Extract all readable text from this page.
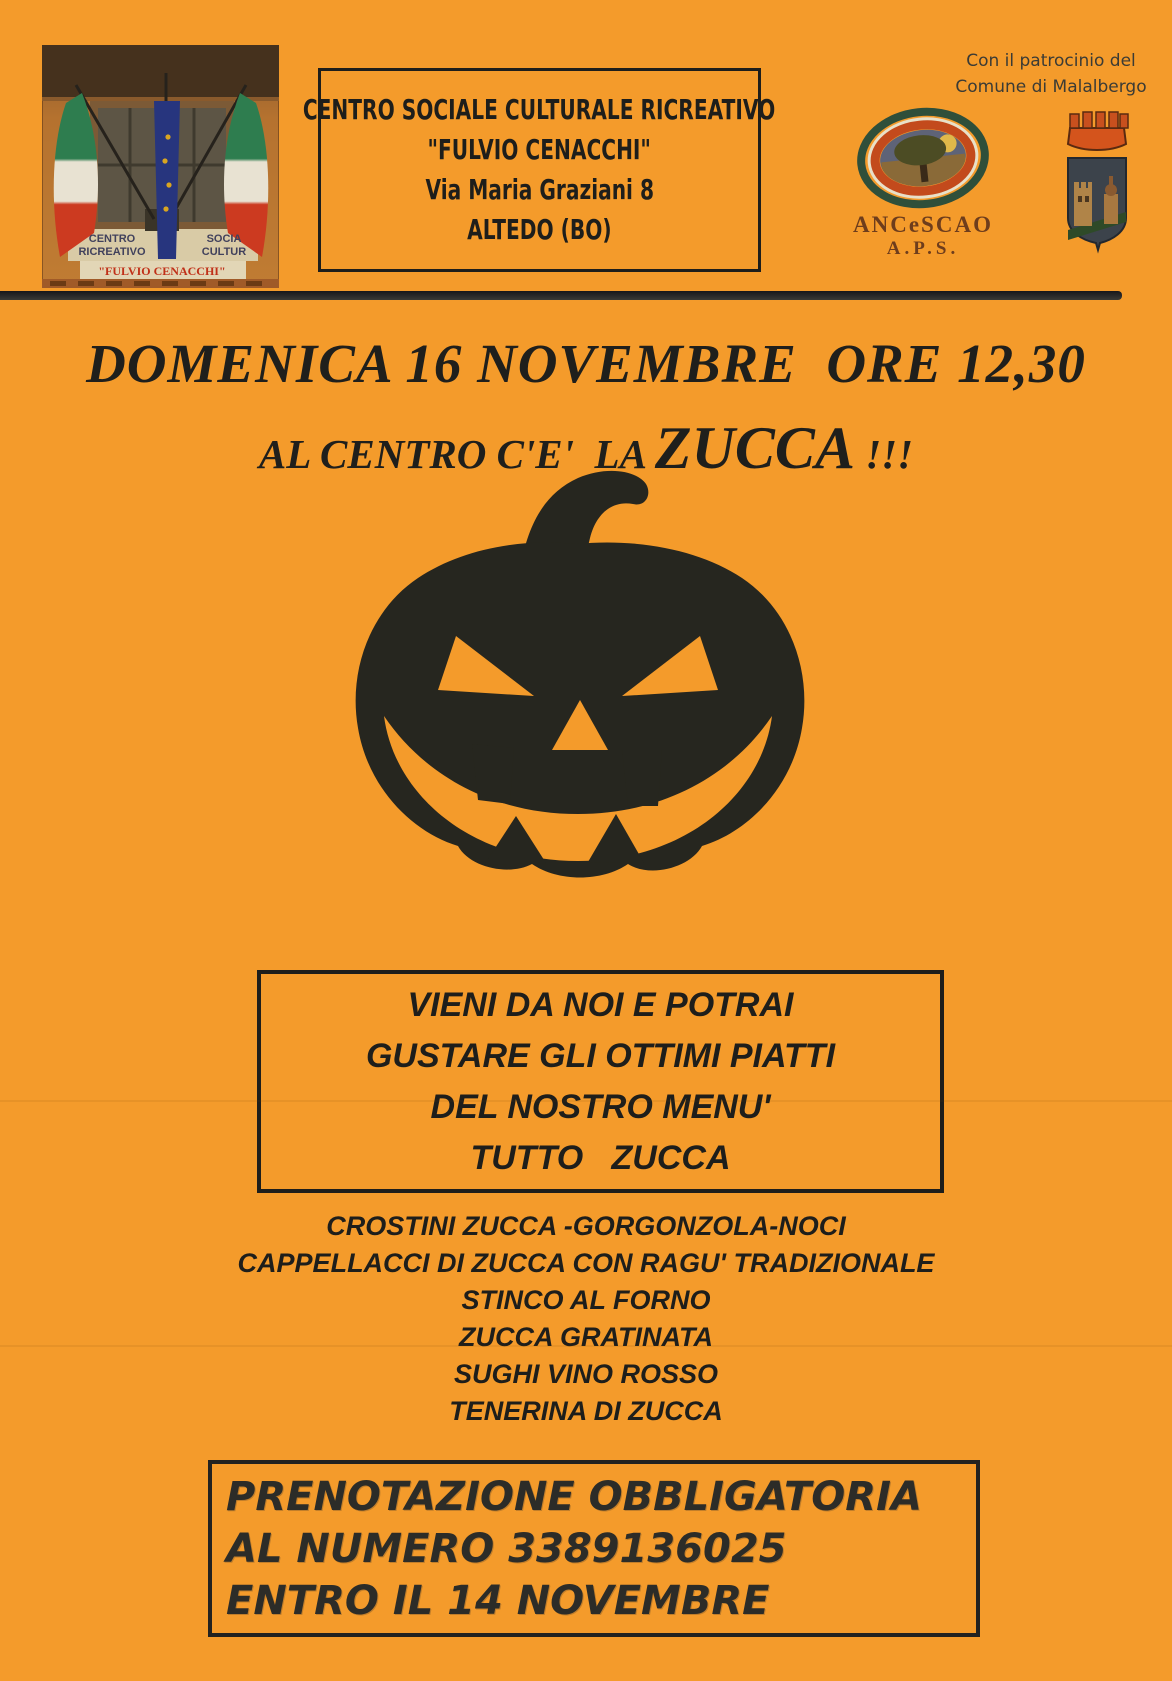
CENTRO
RICREATIVO
SOCIA
CULTUR
"FULVIO CENACCHI"
CENTRO SOCIALE CULTURALE RICREATIVO
"FULVIO CENACCHI"
Via Maria Graziani 8
ALTEDO (BO)
Con il patrocinio del
Comune di Malalbergo
ANCeSCAO
A.P.S.
DOMENICA 16 NOVEMBRE  ORE 12,30
AL CENTRO C'E'  LA ZUCCA !!!
VIENI DA NOI E POTRAI
GUSTARE GLI OTTIMI PIATTI
DEL NOSTRO MENU'
TUTTO   ZUCCA
CROSTINI ZUCCA -GORGONZOLA-NOCI
CAPPELLACCI DI ZUCCA CON RAGU' TRADIZIONALE
STINCO AL FORNO
ZUCCA GRATINATA
SUGHI VINO ROSSO
TENERINA DI ZUCCA
PRENOTAZIONE OBBLIGATORIA
AL NUMERO 3389136025
ENTRO IL 14 NOVEMBRE
